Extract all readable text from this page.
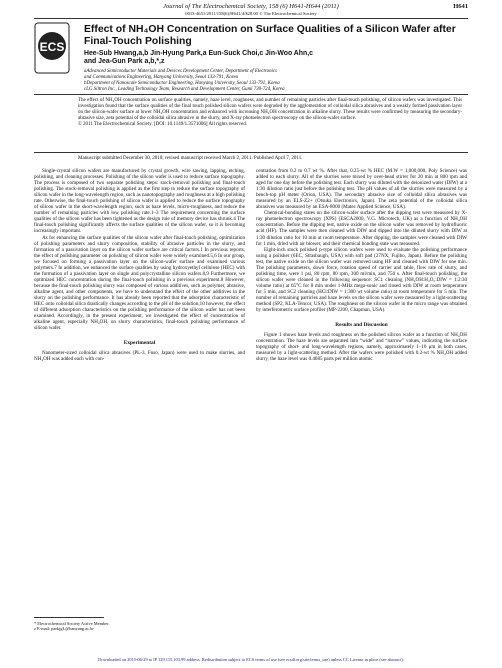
Journal of The Electrochemical Society, 158 (6) H641-H644 (2011)	H641
0013-4651/2011/158(6)/H641/4/$28.00 © The Electrochemical Society
ECS
Effect of NH₄OH Concentration on Surface Qualities of a Silicon Wafer after Final-Touch Polishing
Hee-Sub Hwang,a,b Jin-Hyung Park,a Eun-Suck Choi,c Jin-Woo Ahn,c
and Jea-Gun Park a,b,*,z
aAdvanced Semiconductor Materials and Devices Development Center, Department of Electronics
and Communications Engineering, Hanyang University, Seoul 133-791, Korea
bDepartment of Nanoscale Semiconductor Engineering, Hanyang University, Seoul 133-791, Korea
cLG Siltron Inc., Leading Technology Team, Research and Development Center, Gumi 730-724, Korea

The effect of NH₄OH concentration on surface qualities, namely, haze level, roughness, and number of remaining particles after final-touch polishing, of silicon wafers was investigated. This investigation found that the surface qualities of the final touch polished silicon wafers were degraded by the agglomeration of colloidal silica abrasives and a weakly formed passivation layer on the silicon-wafer surface at lower NH₄OH concentration and enhanced with increasing NH₄OH concentration in alkaline slurry. These results were confirmed by measuring the secondary-abrasive size, zeta potential of the colloidal silica abrasive in the slurry, and X-ray photoelectron spectroscopy on the silicon-wafer surface.

© 2011 The Electrochemical Society. [DOI: 10.1149/1.3571006] All rights reserved.

Manuscript submitted December 30, 2010; revised manuscript received March 2, 2011. Published April 7, 2011.

Single-crystal silicon wafers are manufactured by crystal growth, wire sawing, lapping, etching, polishing, and cleaning processes. Polishing of the silicon wafer is used to reduce surface topography. The process is composed of two separate polishing steps: stock-removal polishing and final-touch polishing. The stock-removal polishing is applied as the first step to reduce the surface topography of silicon wafer in the long-wavelength region, such as nanotopography and roughness at a high polishing rate. Otherwise, the final-touch polishing of silicon wafer is applied to reduce the surface topography of silicon wafer in the short-wavelength region, such as haze levels, micro-roughness, and reduce the number of remaining particles with low polishing rate.1–3 The requirement concerning the surface qualities of the silicon wafer has been tightened as the design rule of memory device has shrunk.4 The final-touch polishing significantly affects the surface qualities of the silicon wafer, so it is becoming increasingly important.

As for enhancing the surface qualities of the silicon wafer after final-touch polishing, optimization of polishing parameters and slurry composition, stability of abrasive particles in the slurry, and formation of a passivation layer on the silicon wafer surface are critical factors.1 In previous reports, the effect of polishing parameter on polishing of silicon wafer were widely examined.5,6 In our group, we focused on forming a passivation layer on the silicon-wafer surface and examined various polymers.7 In addition, we enhanced the surface qualities by using hydroxyethyl cellulose (HEC) with the formation of a passivation layer on single and polycrystalline silicon wafers.8,9 Furthermore, we optimized HEC concentration during the final-touch polishing in a previous experiment.8 However, because the final-touch polishing slurry was composed of various additives, such as polymer, abrasive, alkaline agent, and other components, we have to understand the effect of the other additives in the slurry on the polishing performance. It has already been reported that the adsorption characteristic of HEC onto colloidal silica drastically changes according to the pH of the solution,10 however, the effect of different adsorption characteristics on the polishing performance of the silicon wafer has not been examined. Accordingly, in the present experiment, we investigated the effect of concentration of alkaline agent, especially NH₄OH, on slurry characteristics, final-touch polishing performance of silicon wafer.

Experimental

Nanometer-sized colloidal silica abrasives (PL-3, Fuso, Japan) were used to make slurries, and NH₄OH was added each with con-

* Electrochemical Society Active Member.
z E-mail: parkjgL@hanyang.ac.kr

centration from 0.2 to 0.7 wt %. After that, 0.25-wt % HEC (M.W = 1,000,000, Poly Science) was added to each slurry. All of the slurries were mixed by over-head stirrer for 20 min at 800 rpm and aged for one day before the polishing test. Each slurry was diluted with the deionized water (DIW) at a 1:30 dilution ratio just before the polishing test. The pH values of all the slurries were measured by a bench-top pH meter (Orion, USA). The secondary abrasive size of colloidal silica abrasives was measured by an ELS-Z2+ (Otsuka Electronics, Japan). The zeta potential of the colloidal silica abrasives was measured by an ESA-8000 (Matec Applied Science, USA).

Chemical-bonding states on the silicon-wafer surface after the dipping test were measured by X-ray photoelectron spectroscopy (XPS) (ESCA2000, V.G. Microtech, UK) as a function of NH₄OH concentration. Before the dipping test, native oxide on the silicon wafer was removed by hydrofluoric acid (HF). The samples were then cleaned with DIW and dipped into the diluted slurry with DIW at 1:30 dilution ratio for 10 min at room temperature. After dipping, the samples were cleaned with DIW for 1 min, dried with air blower, and their chemical bonding state was measured.

Eight-inch stock polished p-type silicon wafers were used to evaluate the polishing performance using a polisher (6EC, Strasbaugh, USA) with soft pad (27NX, Fujibo, Japan). Before the polishing test, the native oxide on the silicon wafer was removed using HF and cleaned with DIW for one min. The polishing parameters, down force, rotation speed of carrier and table, flow rate of slurry, and polishing time, were 1 psi, 80 rpm, 80 rpm, 300 ml/min, and 750 s. After final-touch polishing, the silicon wafer were cleaned in the following sequence: SC1 cleaning (NH₄OH:H₂O₂:DIW = 1:2:30 volume ratio) at 65°C for 8 min under 1-MHz mega-sonic and rinsed with DIW at room temperature for 5 min, and SC2 cleaning (HCl:DIW = 1:300 wt volume ratio) at room temperature for 5 min. The number of remaining particles and haze levels on the silicon wafer were measured by a light-scattering method (SP2, KLA-Tencor, USA). The roughness on the silicon wafer in the micro range was obtained by interferometric surface profiler (MP-2200, Chapman, USA).

Results and Discussion

Figure 1 shows haze levels and roughness on the polished silicon wafer as a function of NH₄OH concentration. The haze levels are separated into “wide” and “narrow” values, indicating the surface topography of short- and long-wavelength regions, namely, approximately 1–10 μm in both cases, measured by a light-scattering method. After the wafers were polished with 0.2-wt % NH₄OH added slurry, the haze level was 0.4685 parts per million atomic

Downloaded on 2015-06-29 to IP 129.115.103.99 address. Redistribution subject to ECS terms of use (see ecsdl.org/site/terms_use) unless CC License in place (see abstract).
